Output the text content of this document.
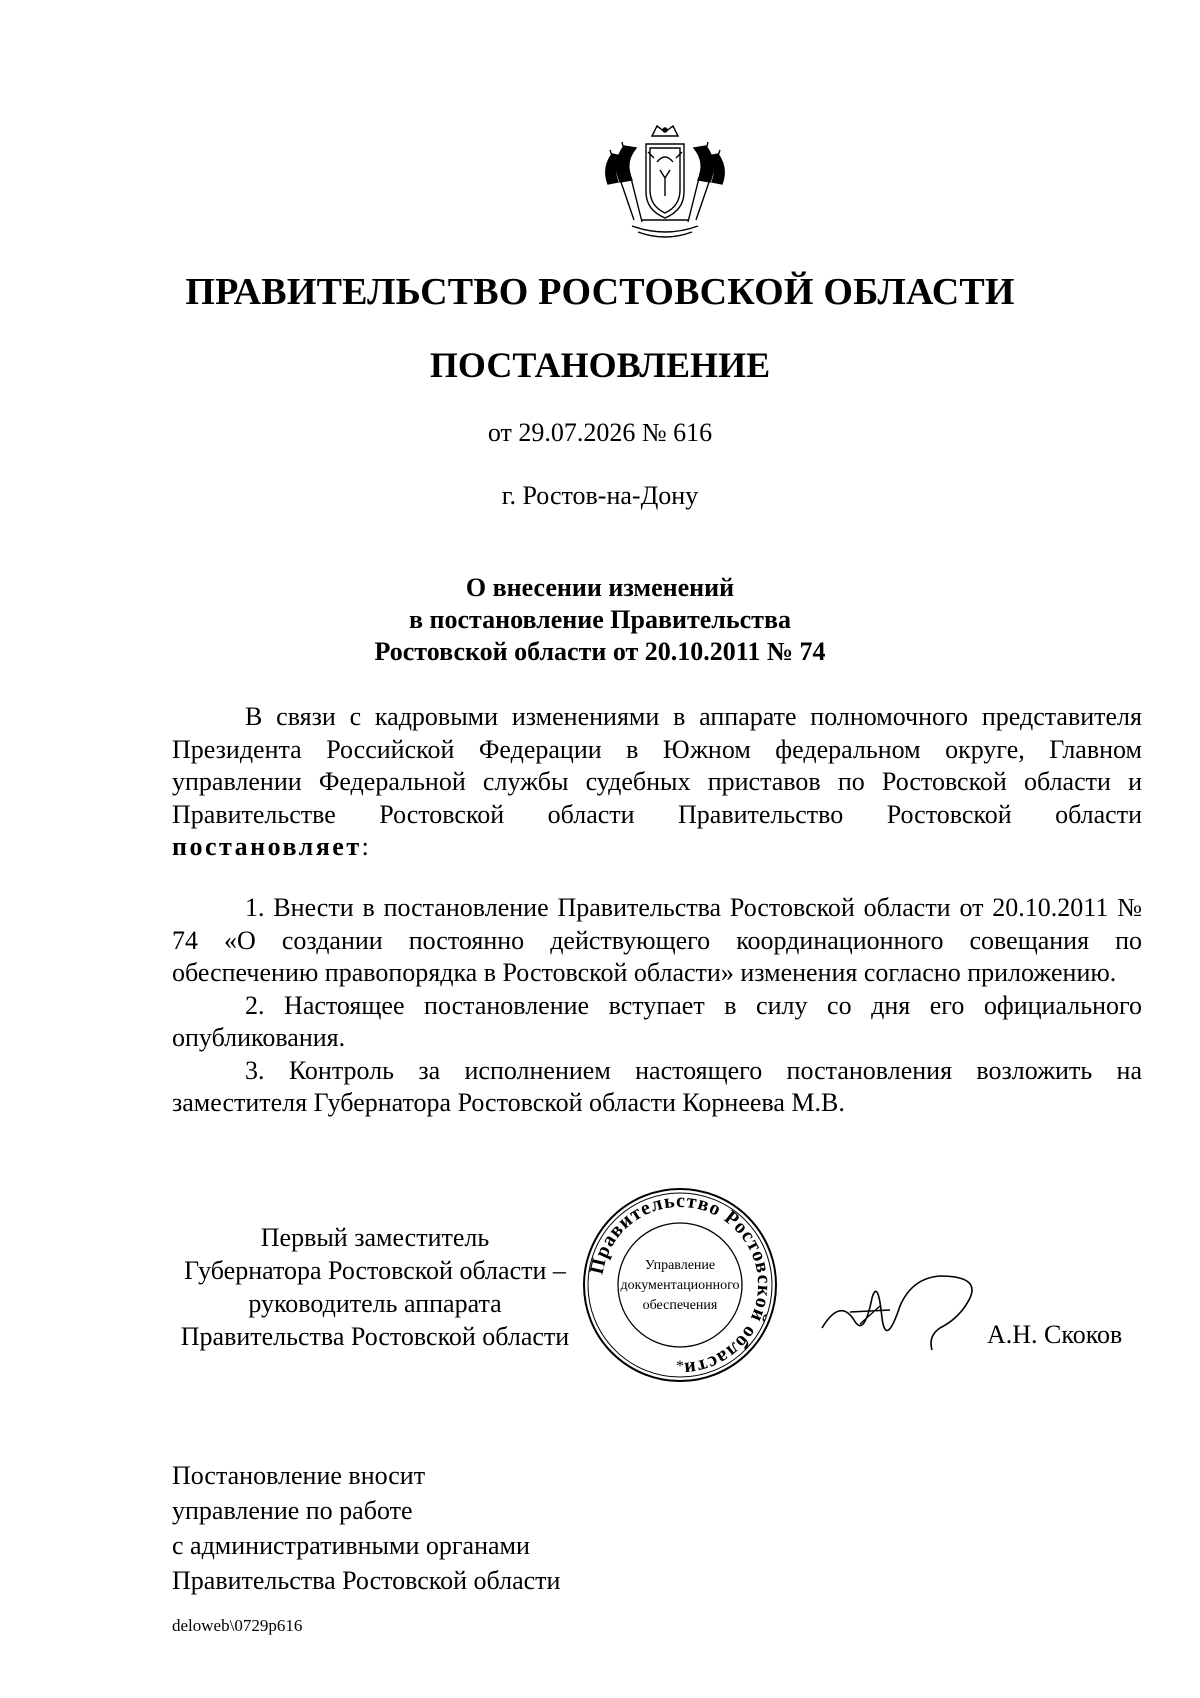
ПРАВИТЕЛЬСТВО РОСТОВСКОЙ ОБЛАСТИ
ПОСТАНОВЛЕНИЕ
от 29.07.2026 № 616
г. Ростов-на-Дону
О внесении изменений
в постановление Правительства
Ростовской области от 20.10.2011 № 74

В связи с кадровыми изменениями в аппарате полномочного представителя Президента Российской Федерации в Южном федеральном округе, Главном управлении Федеральной службы судебных приставов по Ростовской области и Правительстве Ростовской области Правительство Ростовской области постановляет:

1. Внести в постановление Правительства Ростовской области от 20.10.2011 № 74 «О создании постоянно действующего координационного совещания по обеспечению правопорядка в Ростовской области» изменения согласно приложению.

2. Настоящее постановление вступает в силу со дня его официального опубликования.

3. Контроль за исполнением настоящего постановления возложить на заместителя Губернатора Ростовской области Корнеева М.В.

Первый заместитель
Губернатора Ростовской области –
руководитель аппарата
Правительства Ростовской области
Правительство Ростовской области
Управление
документационного
обеспечения
*
А.Н. Скоков
Постановление вносит
управление по работе
с административными органами
Правительства Ростовской области
deloweb\0729p616
